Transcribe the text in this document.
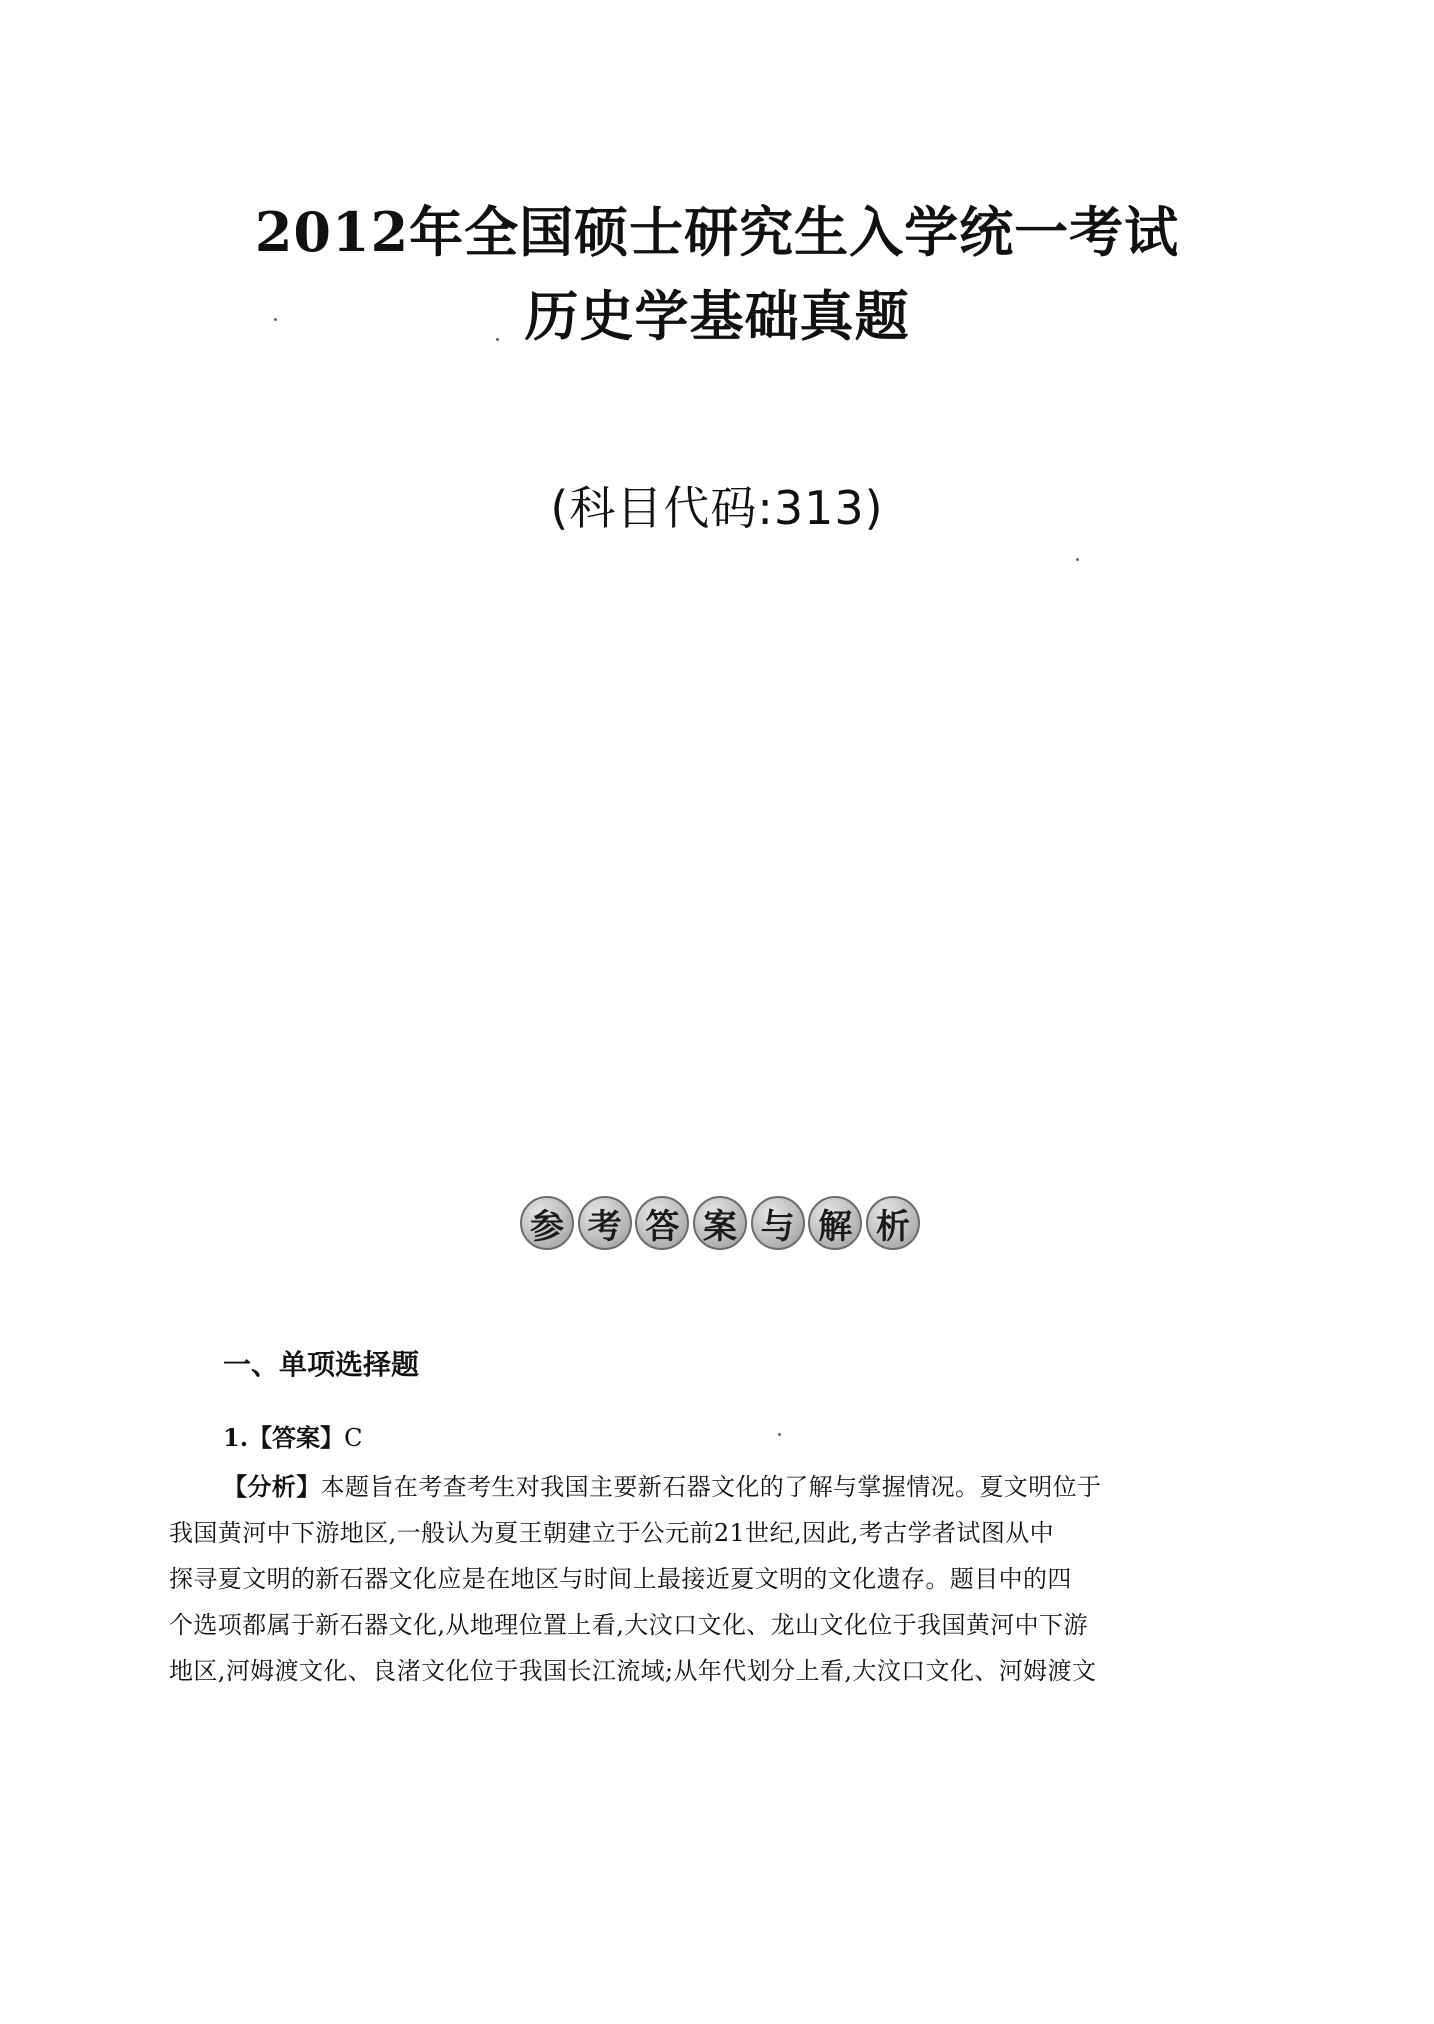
2012年全国硕士研究生入学统一考试
历史学基础真题
(科目代码:313)
参 考 答 案 与 解 析
一、单项选择题
1.【答案】C
【分析】本题旨在考查考生对我国主要新石器文化的了解与掌握情况。夏文明位于
我国黄河中下游地区,一般认为夏王朝建立于公元前21世纪,因此,考古学者试图从中
探寻夏文明的新石器文化应是在地区与时间上最接近夏文明的文化遗存。题目中的四
个选项都属于新石器文化,从地理位置上看,大汶口文化、龙山文化位于我国黄河中下游
地区,河姆渡文化、良渚文化位于我国长江流域;从年代划分上看,大汶口文化、河姆渡文
